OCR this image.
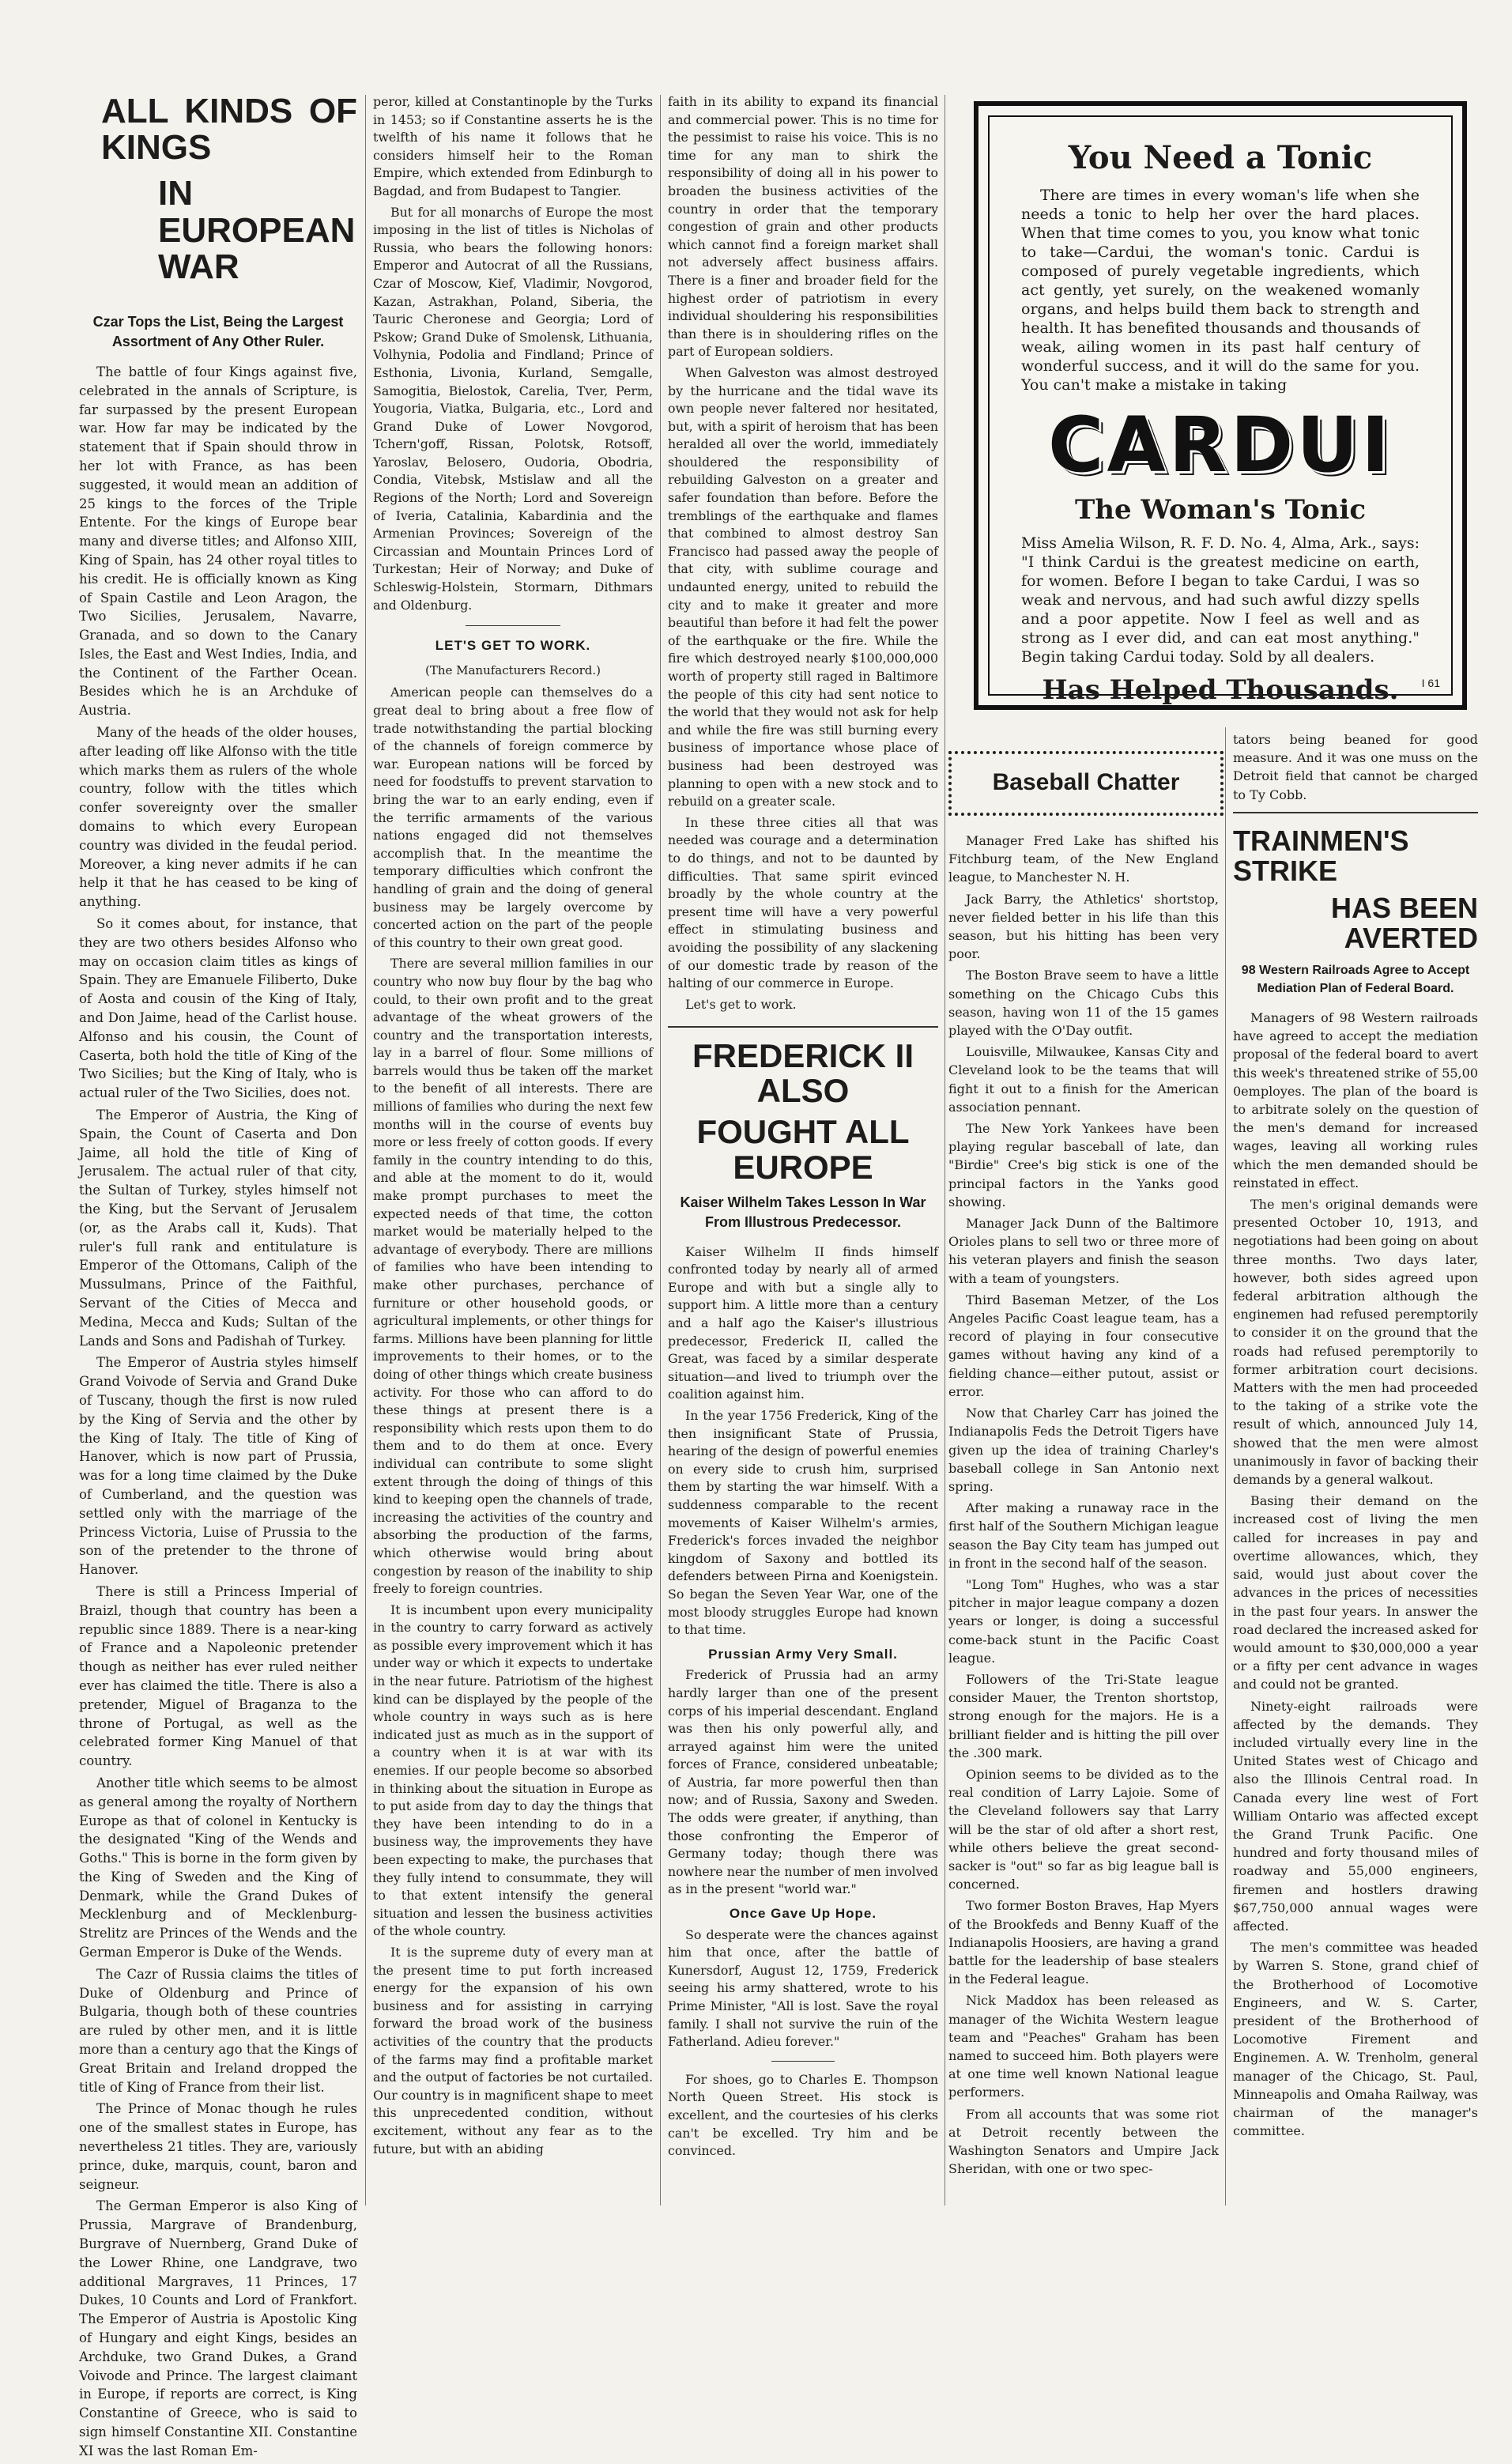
ALL KINDS OF KINGS
IN EUROPEAN WAR
Czar Tops the List, Being the Largest Assortment of Any Other Ruler.

The battle of four Kings against five, celebrated in the annals of Scripture, is far surpassed by the present European war. How far may be indicated by the statement that if Spain should throw in her lot with France, as has been suggested, it would mean an addition of 25 kings to the forces of the Triple Entente. For the kings of Europe bear many and diverse titles; and Alfonso XIII, King of Spain, has 24 other royal titles to his credit. He is officially known as King of Spain Castile and Leon Aragon, the Two Sicilies, Jerusalem, Navarre, Granada, and so down to the Canary Isles, the East and West Indies, India, and the Continent of the Farther Ocean. Besides which he is an Archduke of Austria.

Many of the heads of the older houses, after leading off like Alfonso with the title which marks them as rulers of the whole country, follow with the titles which confer sovereignty over the smaller domains to which every European country was divided in the feudal period. Moreover, a king never admits if he can help it that he has ceased to be king of anything.

So it comes about, for instance, that they are two others besides Alfonso who may on occasion claim titles as kings of Spain. They are Emanuele Filiberto, Duke of Aosta and cousin of the King of Italy, and Don Jaime, head of the Carlist house. Alfonso and his cousin, the Count of Caserta, both hold the title of King of the Two Sicilies; but the King of Italy, who is actual ruler of the Two Sicilies, does not.

The Emperor of Austria, the King of Spain, the Count of Caserta and Don Jaime, all hold the title of King of Jerusalem. The actual ruler of that city, the Sultan of Turkey, styles himself not the King, but the Servant of Jerusalem (or, as the Arabs call it, Kuds). That ruler's full rank and entitulature is Emperor of the Ottomans, Caliph of the Mussulmans, Prince of the Faithful, Servant of the Cities of Mecca and Medina, Mecca and Kuds; Sultan of the Lands and Sons and Padishah of Turkey.

The Emperor of Austria styles himself Grand Voivode of Servia and Grand Duke of Tuscany, though the first is now ruled by the King of Servia and the other by the King of Italy. The title of King of Hanover, which is now part of Prussia, was for a long time claimed by the Duke of Cumberland, and the question was settled only with the marriage of the Princess Victoria, Luise of Prussia to the son of the pretender to the throne of Hanover.

There is still a Princess Imperial of Braizl, though that country has been a republic since 1889. There is a near-king of France and a Napoleonic pretender though as neither has ever ruled neither ever has claimed the title. There is also a pretender, Miguel of Braganza to the throne of Portugal, as well as the celebrated former King Manuel of that country.

Another title which seems to be almost as general among the royalty of Northern Europe as that of colonel in Kentucky is the designated "King of the Wends and Goths." This is borne in the form given by the King of Sweden and the King of Denmark, while the Grand Dukes of Mecklenburg and of Mecklenburg-Strelitz are Princes of the Wends and the German Emperor is Duke of the Wends.

The Cazr of Russia claims the titles of Duke of Oldenburg and Prince of Bulgaria, though both of these countries are ruled by other men, and it is little more than a century ago that the Kings of Great Britain and Ireland dropped the title of King of France from their list.

The Prince of Monac though he rules one of the smallest states in Europe, has nevertheless 21 titles. They are, variously prince, duke, marquis, count, baron and seigneur.

The German Emperor is also King of Prussia, Margrave of Brandenburg, Burgrave of Nuernberg, Grand Duke of the Lower Rhine, one Landgrave, two additional Margraves, 11 Princes, 17 Dukes, 10 Counts and Lord of Frankfort. The Emperor of Austria is Apostolic King of Hungary and eight Kings, besides an Archduke, two Grand Dukes, a Grand Voivode and Prince. The largest claimant in Europe, if reports are correct, is King Constantine of Greece, who is said to sign himself Constantine XII. Constantine XI was the last Roman Em-

peror, killed at Constantinople by the Turks in 1453; so if Constantine asserts he is the twelfth of his name it follows that he considers himself heir to the Roman Empire, which extended from Edinburgh to Bagdad, and from Budapest to Tangier.

But for all monarchs of Europe the most imposing in the list of titles is Nicholas of Russia, who bears the following honors: Emperor and Autocrat of all the Russians, Czar of Moscow, Kief, Vladimir, Novgorod, Kazan, Astrakhan, Poland, Siberia, the Tauric Cheronese and Georgia; Lord of Pskow; Grand Duke of Smolensk, Lithuania, Volhynia, Podolia and Findland; Prince of Esthonia, Livonia, Kurland, Semgalle, Samogitia, Bielostok, Carelia, Tver, Perm, Yougoria, Viatka, Bulgaria, etc., Lord and Grand Duke of Lower Novgorod, Tchern'goff, Rissan, Polotsk, Rotsoff, Yaroslav, Belosero, Oudoria, Obodria, Condia, Vitebsk, Mstislaw and all the Regions of the North; Lord and Sovereign of Iveria, Catalinia, Kabardinia and the Armenian Provinces; Sovereign of the Circassian and Mountain Princes Lord of Turkestan; Heir of Norway; and Duke of Schleswig-Holstein, Stormarn, Dithmars and Oldenburg.

LET'S GET TO WORK.
(The Manufacturers Record.)

American people can themselves do a great deal to bring about a free flow of trade notwithstanding the partial blocking of the channels of foreign commerce by war. European nations will be forced by need for foodstuffs to prevent starvation to bring the war to an early ending, even if the terrific armaments of the various nations engaged did not themselves accomplish that. In the meantime the temporary difficulties which confront the handling of grain and the doing of general business may be largely overcome by concerted action on the part of the people of this country to their own great good.

There are several million families in our country who now buy flour by the bag who could, to their own profit and to the great advantage of the wheat growers of the country and the transportation interests, lay in a barrel of flour. Some millions of barrels would thus be taken off the market to the benefit of all interests. There are millions of families who during the next few months will in the course of events buy more or less freely of cotton goods. If every family in the country intending to do this, and able at the moment to do it, would make prompt purchases to meet the expected needs of that time, the cotton market would be materially helped to the advantage of everybody. There are millions of families who have been intending to make other purchases, perchance of furniture or other household goods, or agricultural implements, or other things for farms. Millions have been planning for little improvements to their homes, or to the doing of other things which create business activity. For those who can afford to do these things at present there is a responsibility which rests upon them to do them and to do them at once. Every individual can contribute to some slight extent through the doing of things of this kind to keeping open the channels of trade, increasing the activities of the country and absorbing the production of the farms, which otherwise would bring about congestion by reason of the inability to ship freely to foreign countries.

It is incumbent upon every municipality in the country to carry forward as actively as possible every improvement which it has under way or which it expects to undertake in the near future. Patriotism of the highest kind can be displayed by the people of the whole country in ways such as is here indicated just as much as in the support of a country when it is at war with its enemies. If our people become so absorbed in thinking about the situation in Europe as to put aside from day to day the things that they have been intending to do in a business way, the improvements they have been expecting to make, the purchases that they fully intend to consummate, they will to that extent intensify the general situation and lessen the business activities of the whole country.

It is the supreme duty of every man at the present time to put forth increased energy for the expansion of his own business and for assisting in carrying forward the broad work of the business activities of the country that the products of the farms may find a profitable market and the output of factories be not curtailed. Our country is in magnificent shape to meet this unprecedented condition, without excitement, without any fear as to the future, but with an abiding

faith in its ability to expand its financial and commercial power. This is no time for the pessimist to raise his voice. This is no time for any man to shirk the responsibility of doing all in his power to broaden the business activities of the country in order that the temporary congestion of grain and other products which cannot find a foreign market shall not adversely affect business affairs. There is a finer and broader field for the highest order of patriotism in every individual shouldering his responsibilities than there is in shouldering rifles on the part of European soldiers.

When Galveston was almost destroyed by the hurricane and the tidal wave its own people never faltered nor hesitated, but, with a spirit of heroism that has been heralded all over the world, immediately shouldered the responsibility of rebuilding Galveston on a greater and safer foundation than before. Before the tremblings of the earthquake and flames that combined to almost destroy San Francisco had passed away the people of that city, with sublime courage and undaunted energy, united to rebuild the city and to make it greater and more beautiful than before it had felt the power of the earthquake or the fire. While the fire which destroyed nearly $100,000,000 worth of property still raged in Baltimore the people of this city had sent notice to the world that they would not ask for help and while the fire was still burning every business of importance whose place of business had been destroyed was planning to open with a new stock and to rebuild on a greater scale.

In these three cities all that was needed was courage and a determination to do things, and not to be daunted by difficulties. That same spirit evinced broadly by the whole country at the present time will have a very powerful effect in stimulating business and avoiding the possibility of any slackening of our domestic trade by reason of the halting of our commerce in Europe.

Let's get to work.

FREDERICK II ALSO
FOUGHT ALL EUROPE
Kaiser Wilhelm Takes Lesson In War From Illustrous Predecessor.

Kaiser Wilhelm II finds himself confronted today by nearly all of armed Europe and with but a single ally to support him. A little more than a century and a half ago the Kaiser's illustrious predecessor, Frederick II, called the Great, was faced by a similar desperate situation—and lived to triumph over the coalition against him.

In the year 1756 Frederick, King of the then insignificant State of Prussia, hearing of the design of powerful enemies on every side to crush him, surprised them by starting the war himself. With a suddenness comparable to the recent movements of Kaiser Wilhelm's armies, Frederick's forces invaded the neighbor kingdom of Saxony and bottled its defenders between Pirna and Koenigstein. So began the Seven Year War, one of the most bloody struggles Europe had known to that time.

Prussian Army Very Small.

Frederick of Prussia had an army hardly larger than one of the present corps of his imperial descendant. England was then his only powerful ally, and arrayed against him were the united forces of France, considered unbeatable; of Austria, far more powerful then than now; and of Russia, Saxony and Sweden. The odds were greater, if anything, than those confronting the Emperor of Germany today; though there was nowhere near the number of men involved as in the present "world war."

Once Gave Up Hope.

So desperate were the chances against him that once, after the battle of Kunersdorf, August 12, 1759, Frederick seeing his army shattered, wrote to his Prime Minister, "All is lost. Save the royal family. I shall not survive the ruin of the Fatherland. Adieu forever."

For shoes, go to Charles E. Thompson North Queen Street. His stock is excellent, and the courtesies of his clerks can't be excelled. Try him and be convinced.

You Need a Tonic
There are times in every woman's life when she needs a tonic to help her over the hard places. When that time comes to you, you know what tonic to take—Cardui, the woman's tonic. Cardui is composed of purely vegetable ingredients, which act gently, yet surely, on the weakened womanly organs, and helps build them back to strength and health. It has benefited thousands and thousands of weak, ailing women in its past half century of wonderful success, and it will do the same for you. You can't make a mistake in taking
CARDUI
The Woman's Tonic
Miss Amelia Wilson, R. F. D. No. 4, Alma, Ark., says: "I think Cardui is the greatest medicine on earth, for women. Before I began to take Cardui, I was so weak and nervous, and had such awful dizzy spells and a poor appetite. Now I feel as well and as strong as I ever did, and can eat most anything." Begin taking Cardui today. Sold by all dealers.
Has Helped Thousands.	I 61
Baseball Chatter

Manager Fred Lake has shifted his Fitchburg team, of the New England league, to Manchester N. H.

Jack Barry, the Athletics' shortstop, never fielded better in his life than this season, but his hitting has been very poor.

The Boston Brave seem to have a little something on the Chicago Cubs this season, having won 11 of the 15 games played with the O'Day outfit.

Louisville, Milwaukee, Kansas City and Cleveland look to be the teams that will fight it out to a finish for the American association pennant.

The New York Yankees have been playing regular basceball of late, dan "Birdie" Cree's big stick is one of the principal factors in the Yanks good showing.

Manager Jack Dunn of the Baltimore Orioles plans to sell two or three more of his veteran players and finish the season with a team of youngsters.

Third Baseman Metzer, of the Los Angeles Pacific Coast league team, has a record of playing in four consecutive games without having any kind of a fielding chance—either putout, assist or error.

Now that Charley Carr has joined the Indianapolis Feds the Detroit Tigers have given up the idea of training Charley's baseball college in San Antonio next spring.

After making a runaway race in the first half of the Southern Michigan league season the Bay City team has jumped out in front in the second half of the season.

"Long Tom" Hughes, who was a star pitcher in major league company a dozen years or longer, is doing a successful come-back stunt in the Pacific Coast league.

Followers of the Tri-State league consider Mauer, the Trenton shortstop, strong enough for the majors. He is a brilliant fielder and is hitting the pill over the .300 mark.

Opinion seems to be divided as to the real condition of Larry Lajoie. Some of the Cleveland followers say that Larry will be the star of old after a short rest, while others believe the great second-sacker is "out" so far as big league ball is concerned.

Two former Boston Braves, Hap Myers of the Brookfeds and Benny Kuaff of the Indianapolis Hoosiers, are having a grand battle for the leadership of base stealers in the Federal league.

Nick Maddox has been released as manager of the Wichita Western league team and "Peaches" Graham has been named to succeed him. Both players were at one time well known National league performers.

From all accounts that was some riot at Detroit recently between the Washington Senators and Umpire Jack Sheridan, with one or two spec-

tators being beaned for good measure. And it was one muss on the Detroit field that cannot be charged to Ty Cobb.

TRAINMEN'S STRIKE
HAS BEEN AVERTED
98 Western Railroads Agree to Accept Mediation Plan of Federal Board.

Managers of 98 Western railroads have agreed to accept the mediation proposal of the federal board to avert this week's threatened strike of 55,00 0employes. The plan of the board is to arbitrate solely on the question of the men's demand for increased wages, leaving all working rules which the men demanded should be reinstated in effect.

The men's original demands were presented October 10, 1913, and negotiations had been going on about three months. Two days later, however, both sides agreed upon federal arbitration although the enginemen had refused peremptorily to consider it on the ground that the roads had refused peremptorily to former arbitration court decisions. Matters with the men had proceeded to the taking of a strike vote the result of which, announced July 14, showed that the men were almost unanimously in favor of backing their demands by a general walkout.

Basing their demand on the increased cost of living the men called for increases in pay and overtime allowances, which, they said, would just about cover the advances in the prices of necessities in the past four years. In answer the road declared the increased asked for would amount to $30,000,000 a year or a fifty per cent advance in wages and could not be granted.

Ninety-eight railroads were affected by the demands. They included virtually every line in the United States west of Chicago and also the Illinois Central road. In Canada every line west of Fort William Ontario was affected except the Grand Trunk Pacific. One hundred and forty thousand miles of roadway and 55,000 engineers, firemen and hostlers drawing $67,750,000 annual wages were affected.

The men's committee was headed by Warren S. Stone, grand chief of the Brotherhood of Locomotive Engineers, and W. S. Carter, president of the Brotherhood of Locomotive Firement and Enginemen. A. W. Trenholm, general manager of the Chicago, St. Paul, Minneapolis and Omaha Railway, was chairman of the manager's committee.
